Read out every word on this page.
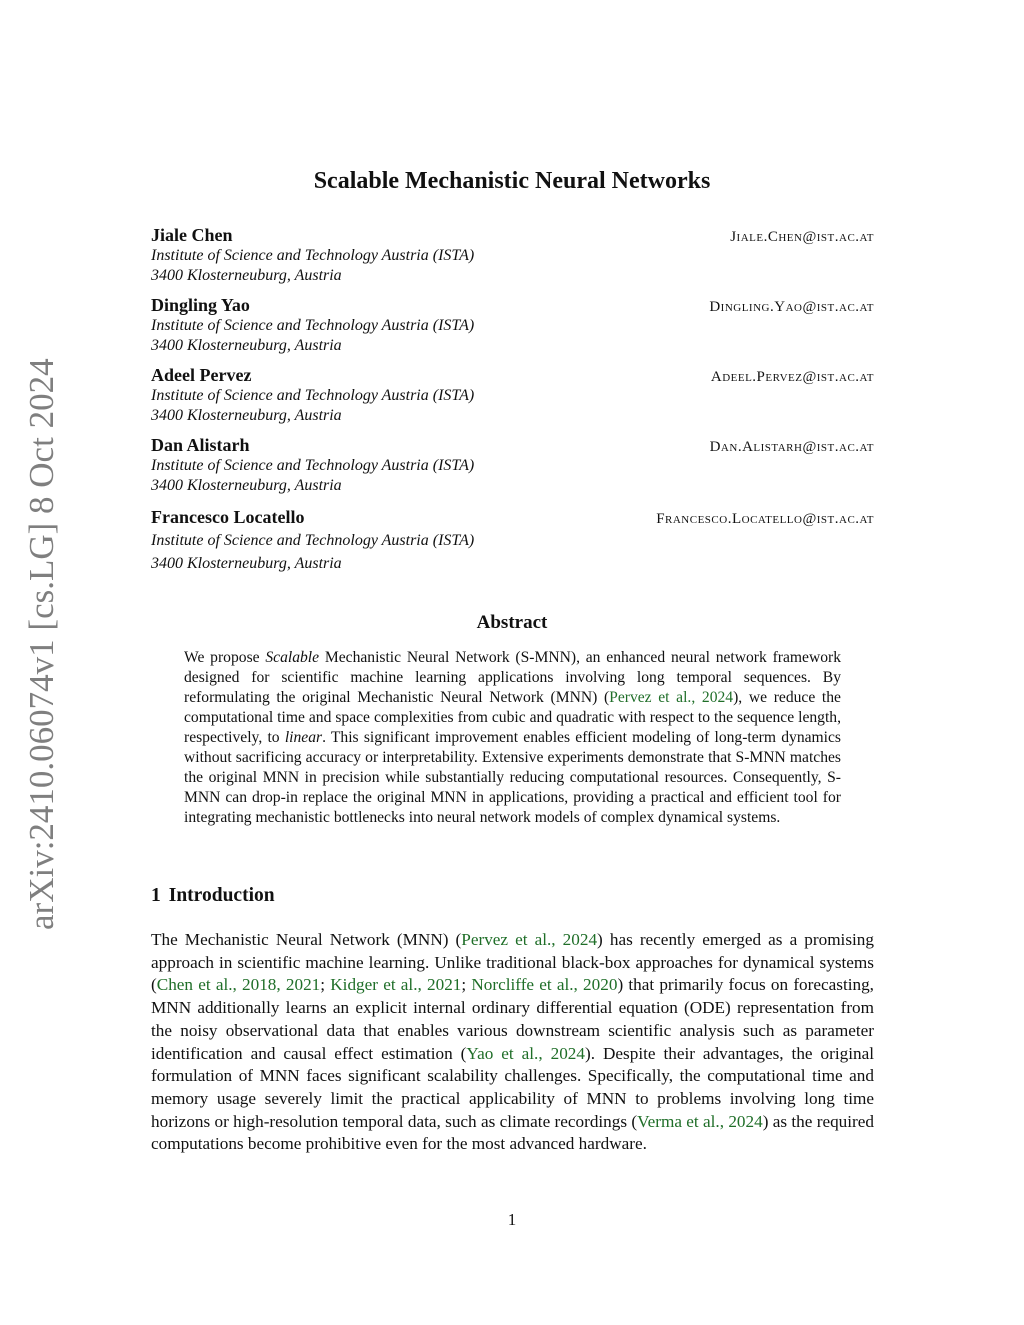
arXiv:2410.06074v1 [cs.LG] 8 Oct 2024
Scalable Mechanistic Neural Networks
Jiale Chen	Jiale.Chen@ist.ac.at
Institute of Science and Technology Austria (ISTA)
3400 Klosterneuburg, Austria
Dingling Yao	Dingling.Yao@ist.ac.at
Institute of Science and Technology Austria (ISTA)
3400 Klosterneuburg, Austria
Adeel Pervez	Adeel.Pervez@ist.ac.at
Institute of Science and Technology Austria (ISTA)
3400 Klosterneuburg, Austria
Dan Alistarh	Dan.Alistarh@ist.ac.at
Institute of Science and Technology Austria (ISTA)
3400 Klosterneuburg, Austria
Francesco Locatello	Francesco.Locatello@ist.ac.at
Institute of Science and Technology Austria (ISTA)
3400 Klosterneuburg, Austria
Abstract
We propose Scalable Mechanistic Neural Network (S-MNN), an enhanced neural network framework designed for scientific machine learning applications involving long temporal sequences. By reformulating the original Mechanistic Neural Network (MNN) (Pervez et al., 2024), we reduce the computational time and space complexities from cubic and quadratic with respect to the sequence length, respectively, to linear. This significant improvement enables efficient modeling of long-term dynamics without sacrificing accuracy or interpretability. Extensive experiments demonstrate that S-MNN matches the original MNN in precision while substantially reducing computational resources. Consequently, S-MNN can drop-in replace the original MNN in applications, providing a practical and efficient tool for integrating mechanistic bottlenecks into neural network models of complex dynamical systems.
1 Introduction
The Mechanistic Neural Network (MNN) (Pervez et al., 2024) has recently emerged as a promising approach in scientific machine learning. Unlike traditional black-box approaches for dynamical systems (Chen et al., 2018, 2021; Kidger et al., 2021; Norcliffe et al., 2020) that primarily focus on forecasting, MNN additionally learns an explicit internal ordinary differential equation (ODE) representation from the noisy observational data that enables various downstream scientific analysis such as parameter identification and causal effect estimation (Yao et al., 2024). Despite their advantages, the original formulation of MNN faces significant scalability challenges. Specifically, the computational time and memory usage severely limit the practical applicability of MNN to problems involving long time horizons or high-resolution temporal data, such as climate recordings (Verma et al., 2024) as the required computations become prohibitive even for the most advanced hardware.
1
